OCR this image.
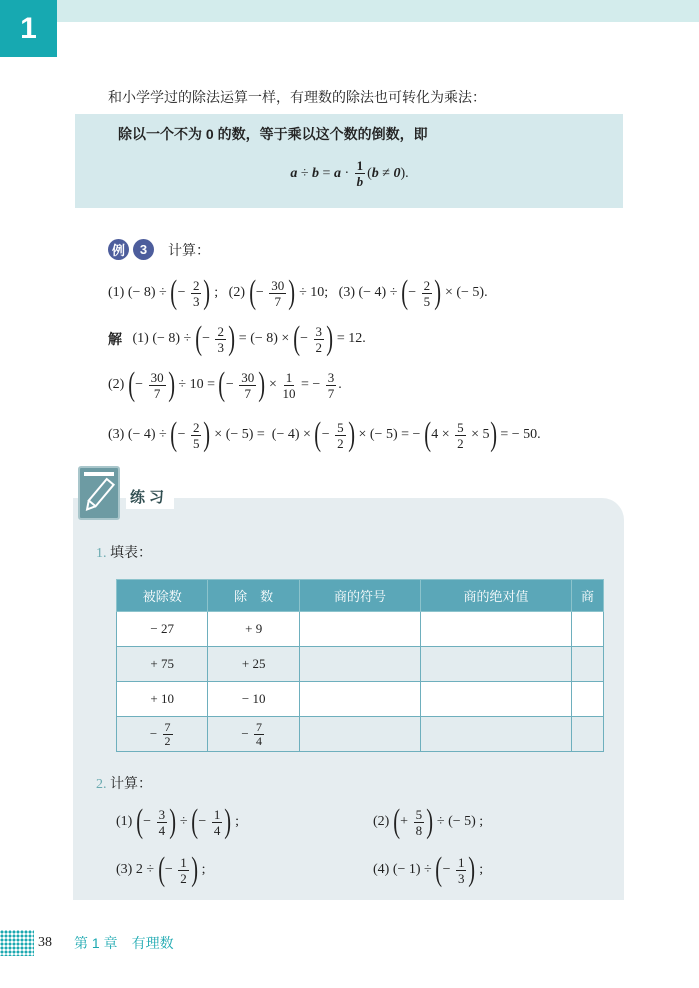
1
和小学学过的除法运算一样，有理数的除法也可转化为乘法：
除以一个不为 0 的数，等于乘以这个数的倒数，即
$a \div b = a \cdot \frac{1}{b}$ ( b ≠ 0 ).
例	3	计算：
(1) (− 8) ÷ ( − $\frac{2}{3}$ ) ;   (2) ( − $\frac{30}{7}$ ) ÷ 10;   (3) (− 4) ÷ ( − $\frac{2}{5}$ ) × (− 5).
解 (1) (− 8) ÷ ( − $\frac{2}{3}$ ) = (− 8) × ( − $\frac{3}{2}$ ) = 12.
(2) ( − $\frac{30}{7}$ ) ÷ 10 = ( − $\frac{30}{7}$ ) × $\frac{1}{10}$ = − $\frac{3}{7}$ .
(3) (− 4) ÷ ( − $\frac{2}{5}$ ) × (− 5) =  (− 4) × ( − $\frac{5}{2}$ ) × (− 5) = − ( $4 \times \frac{5}{2} \times 5$ ) = − 50.
练习
1. 填表：
被除数	除　数	商的符号	商的绝对值	商

− 27	+ 9			

+ 75	+ 25			

+ 10	− 10			

− $\frac{7}{2}$	− $\frac{7}{4}$

2. 计算：
(1) ( − $\frac{3}{4}$ ) ÷ ( − $\frac{1}{4}$ ) ;	(2) ( + $\frac{5}{8}$ ) ÷ (− 5) ;
(3) 2 ÷ ( − $\frac{1}{2}$ ) ;	(4) (− 1) ÷ ( − $\frac{1}{3}$ ) ;
38 第 1 章　有理数
